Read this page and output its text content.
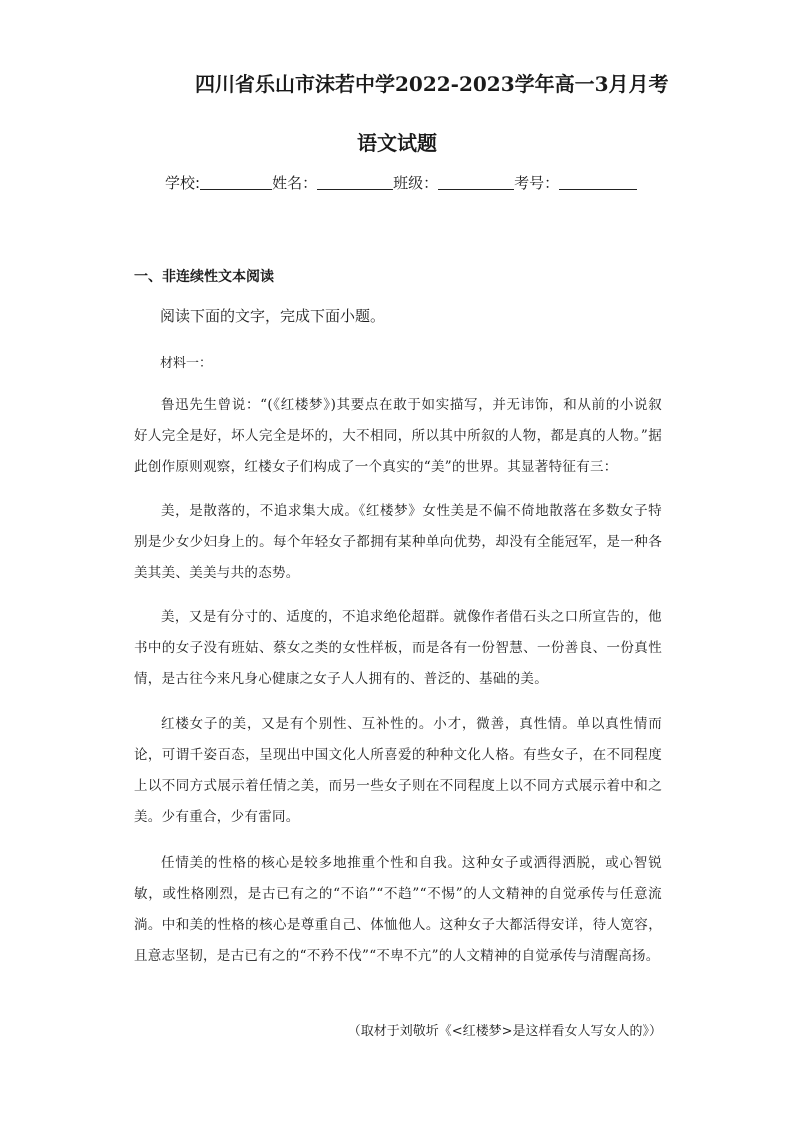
四川省乐山市沫若中学2022-2023学年高一3月月考
语文试题
学校:	姓名：	班级：	考号：
一、非连续性文本阅读
阅读下面的文字，完成下面小题。
材料一：
鲁迅先生曾说：“(《红楼梦》)其要点在敢于如实描写，并无讳饰，和从前的小说叙好人完全是好，坏人完全是坏的，大不相同，所以其中所叙的人物，都是真的人物。”据此创作原则观察，红楼女子们构成了一个真实的“美”的世界。其显著特征有三：
美，是散落的，不追求集大成。《红楼梦》女性美是不偏不倚地散落在多数女子特别是少女少妇身上的。每个年轻女子都拥有某种单向优势，却没有全能冠军，是一种各美其美、美美与共的态势。
美，又是有分寸的、适度的，不追求绝伦超群。就像作者借石头之口所宣告的，他书中的女子没有班姑、蔡女之类的女性样板，而是各有一份智慧、一份善良、一份真性情，是古往今来凡身心健康之女子人人拥有的、普泛的、基础的美。
红楼女子的美，又是有个别性、互补性的。小才，微善，真性情。单以真性情而论，可谓千姿百态，呈现出中国文化人所喜爱的种种文化人格。有些女子，在不同程度上以不同方式展示着任情之美，而另一些女子则在不同程度上以不同方式展示着中和之美。少有重合，少有雷同。
任情美的性格的核心是较多地推重个性和自我。这种女子或洒得洒脱，或心智锐敏，或性格刚烈，是古已有之的“不谄”“不趋”“不惕”的人文精神的自觉承传与任意流淌。中和美的性格的核心是尊重自己、体恤他人。这种女子大都活得安详，待人宽容，且意志坚韧，是古已有之的“不矜不伐”“不卑不亢”的人文精神的自觉承传与清醒高扬。
（取材于刘敬圻《<红楼梦>是这样看女人写女人的》）
